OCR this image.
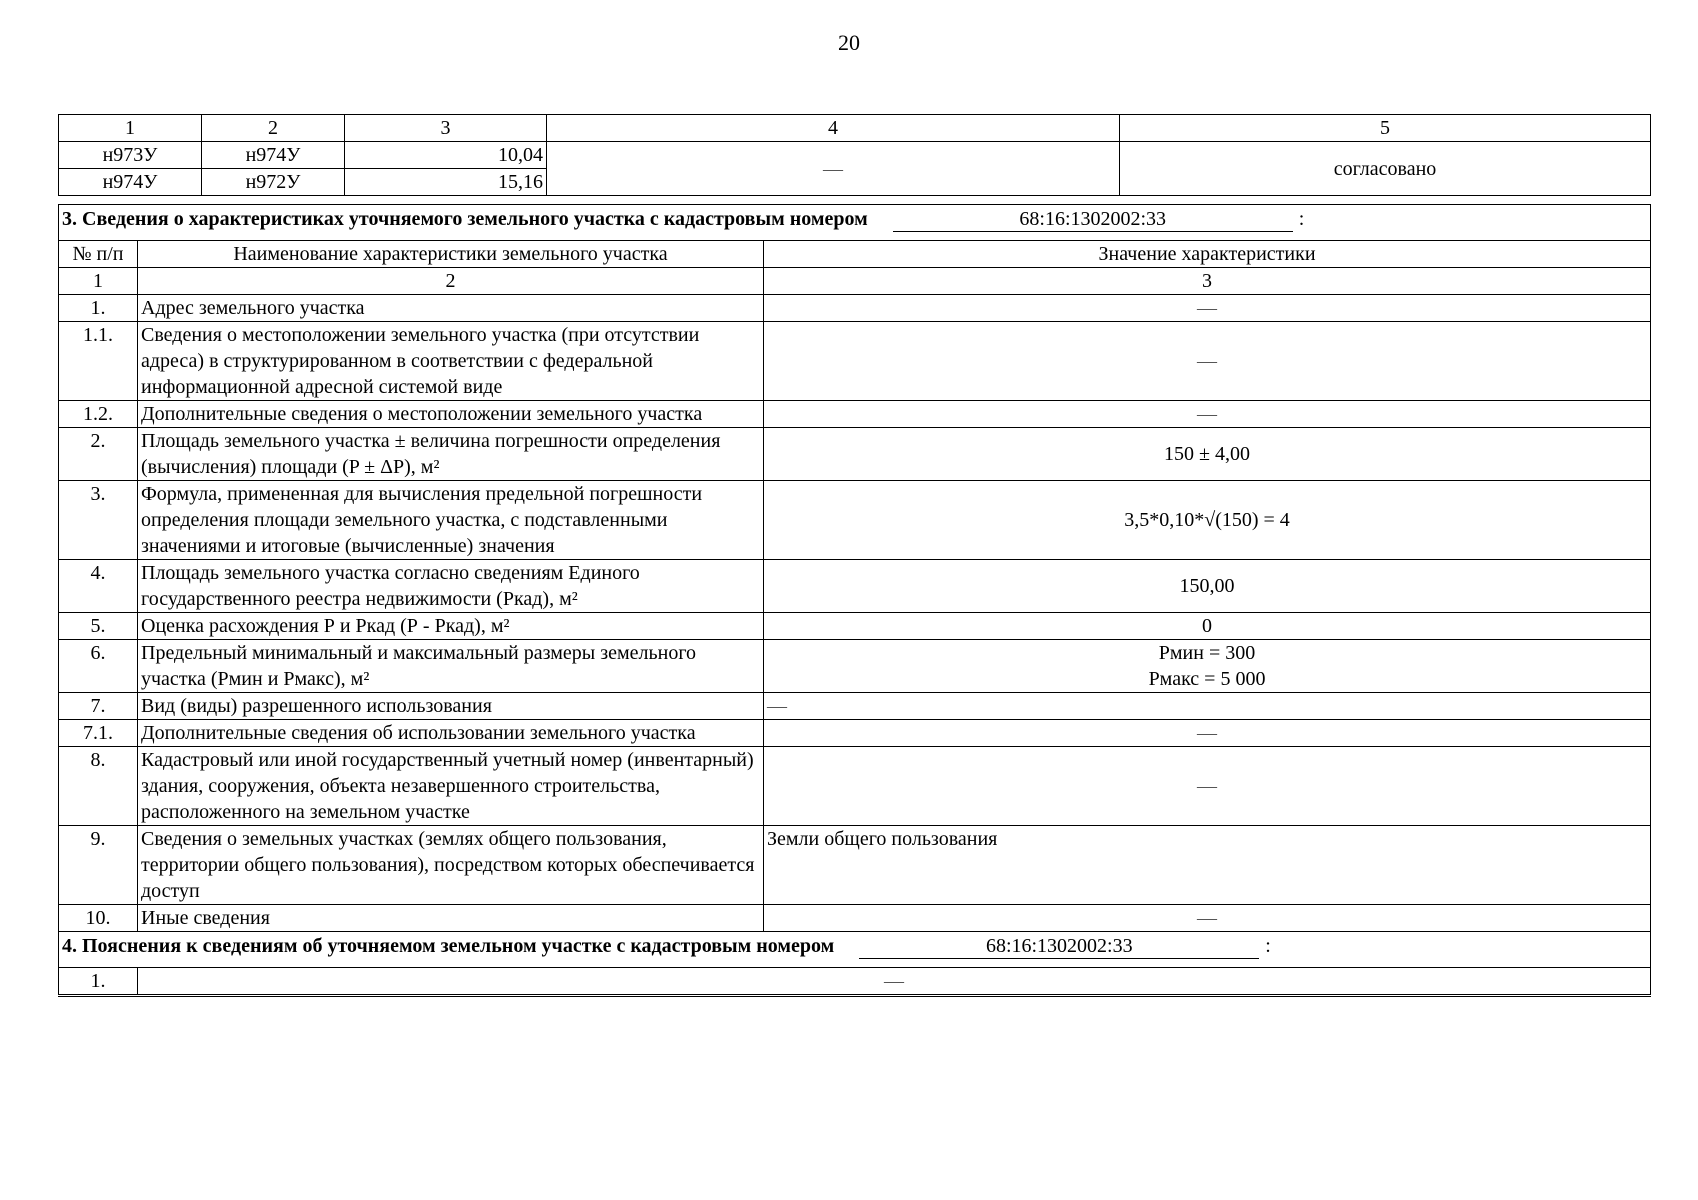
20
1	2	3	4	5
н973У	н974У	10,04	—	согласовано
н974У	н972У	15,16		
3. Сведения о характеристиках уточняемого земельного участка с кадастровым номером 68:16:1302002:33 :		
№ п/п	Наименование характеристики земельного участка	Значение характеристики
1	2	3
1.	Адрес земельного участка	—
1.1.	Сведения о местоположении земельного участка (при отсутствии адреса) в структурированном в соответствии с федеральной информационной адресной системой виде	—
1.2.	Дополнительные сведения о местоположении земельного участка	—
2.	Площадь земельного участка ± величина погрешности определения (вычисления) площади (P ± ΔP), м²	150 ± 4,00
3.	Формула, примененная для вычисления предельной погрешности определения площади земельного участка, с подставленными значениями и итоговые (вычисленные) значения	3,5*0,10*√(150) = 4
4.	Площадь земельного участка согласно сведениям Единого государственного реестра недвижимости (Ркад), м²	150,00
5.	Оценка расхождения Р и Ркад (Р - Ркад), м²	0
6.	Предельный минимальный и максимальный размеры земельного участка (Рмин и Рмакс), м²	Рмин = 300
Рмакс = 5 000

7.	Вид (виды) разрешенного использования	—
7.1.	Дополнительные сведения об использовании земельного участка	—
8.	Кадастровый или иной государственный учетный номер (инвентарный) здания, сооружения, объекта незавершенного строительства, расположенного на земельном участке	—
9.	Сведения о земельных участках (землях общего пользования, территории общего пользования), посредством которых обеспечивается доступ	Земли общего пользования
10.	Иные сведения	—
4. Пояснения к сведениям об уточняемом земельном участке с кадастровым номером 68:16:1302002:33 :		
1.	—	
